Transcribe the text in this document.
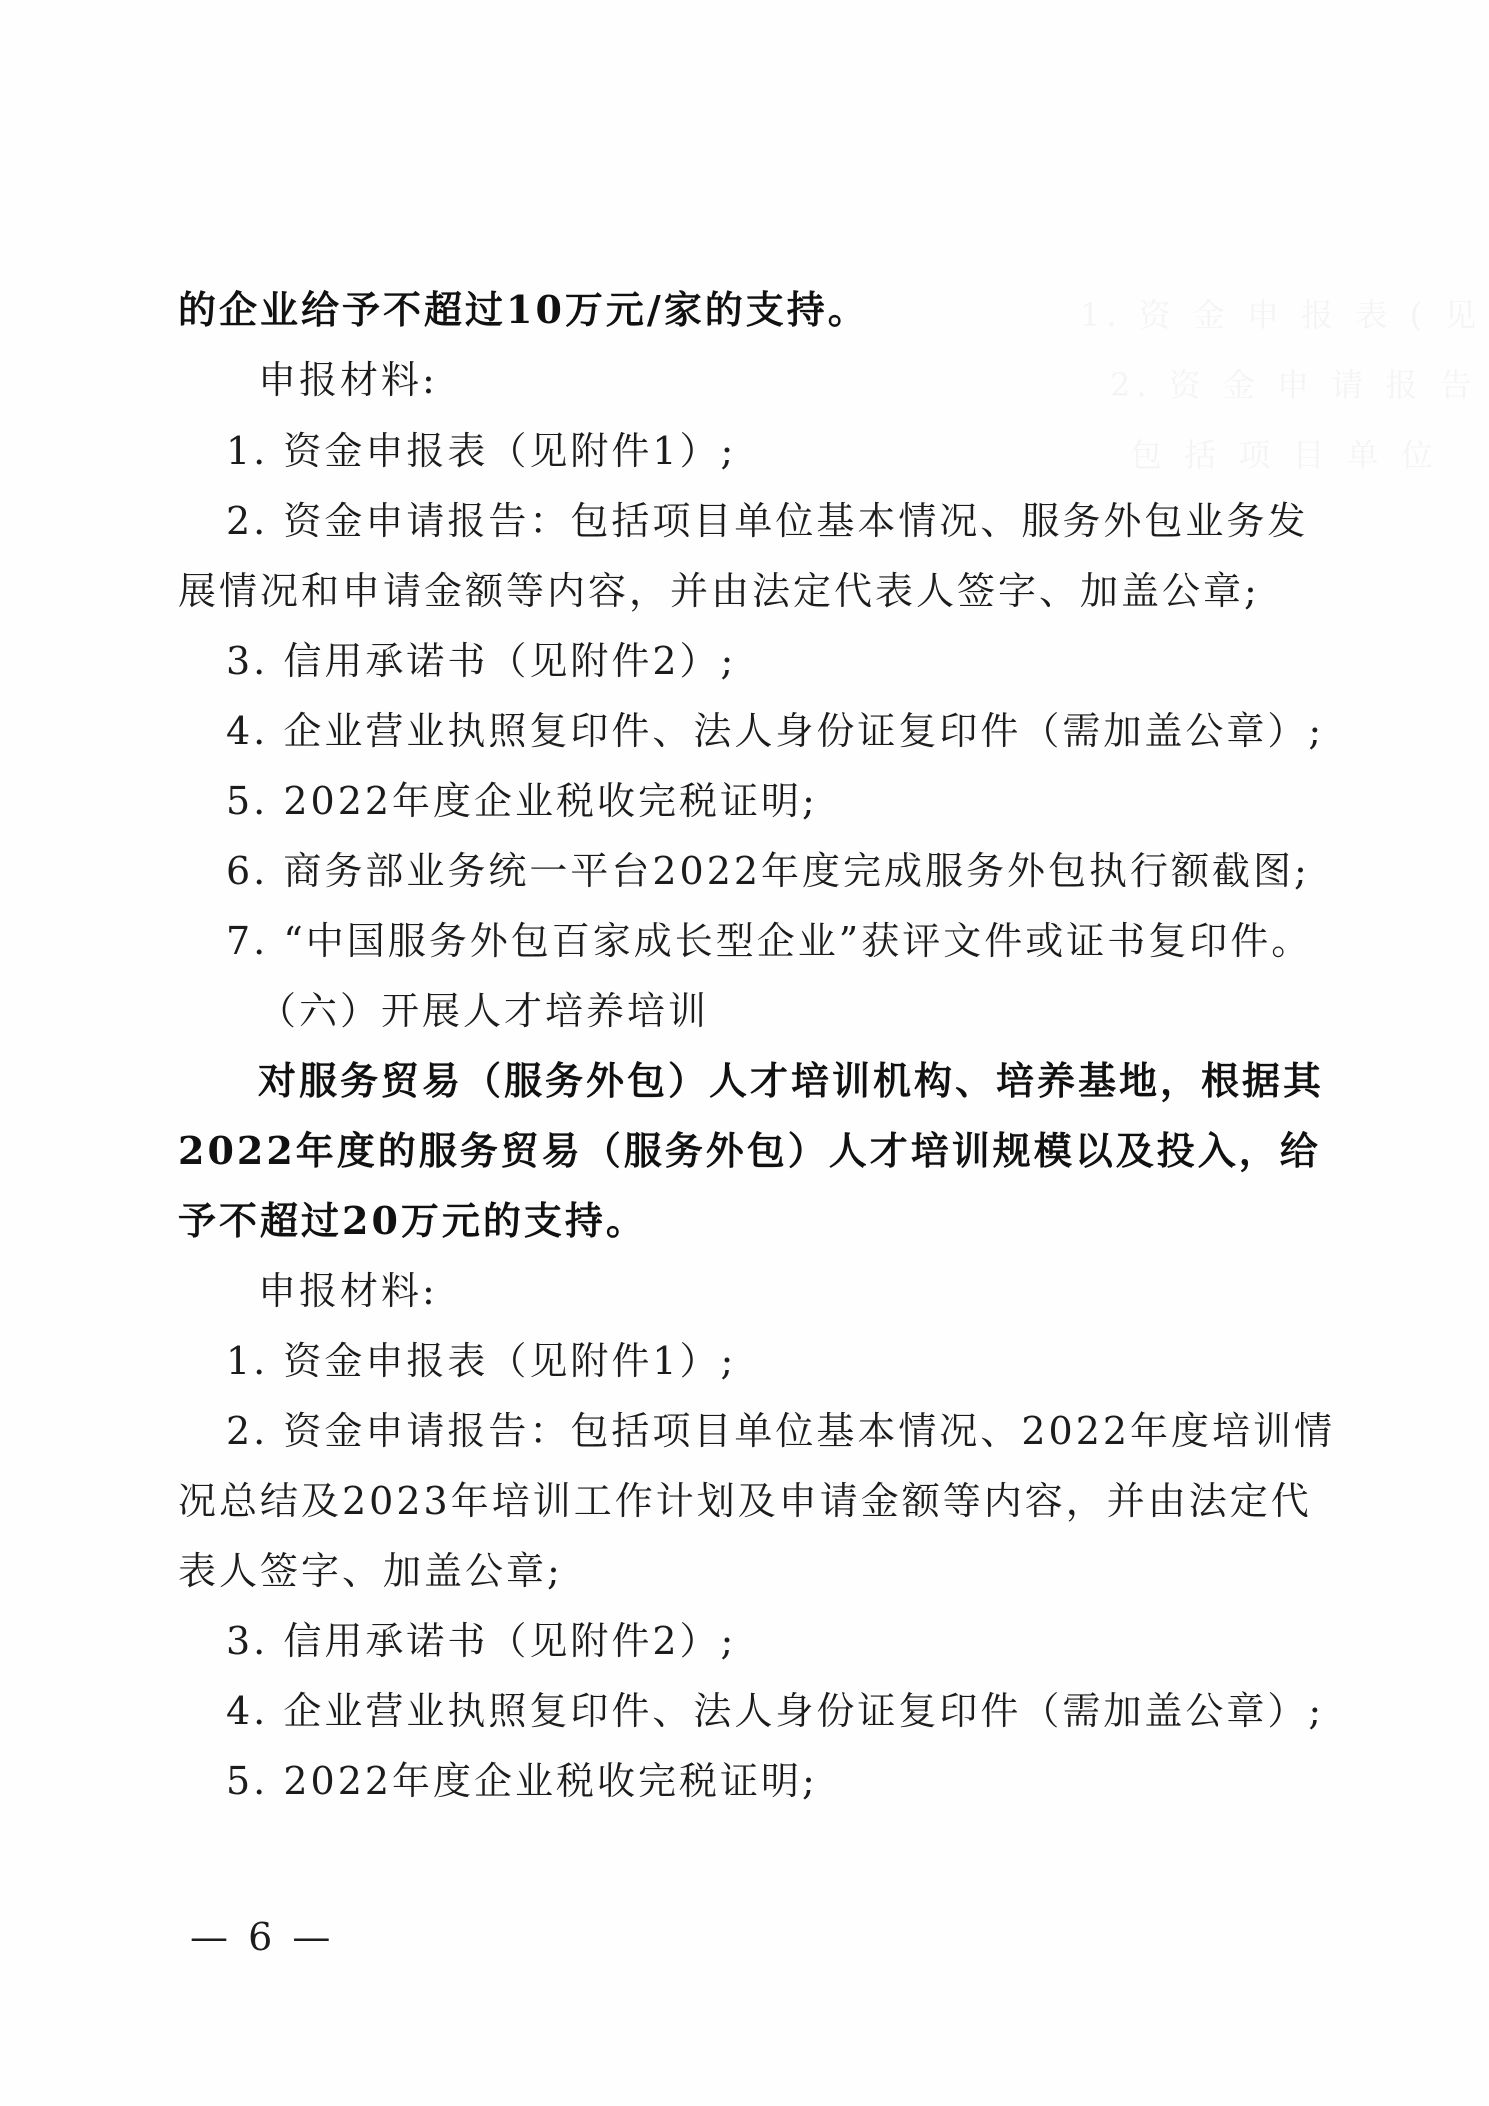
1. 资 金 申 报 表 ( 见
2. 资 金 申 请 报 告
包 括 项 目 单 位
的企业给予不超过10万元/家的支持。
申报材料:
1. 资金申报表（见附件1）;
2. 资金申请报告：包括项目单位基本情况、服务外包业务发
展情况和申请金额等内容，并由法定代表人签字、加盖公章;
3. 信用承诺书（见附件2）;
4. 企业营业执照复印件、法人身份证复印件（需加盖公章）;
5. 2022年度企业税收完税证明;
6. 商务部业务统一平台2022年度完成服务外包执行额截图;
7. “中国服务外包百家成长型企业”获评文件或证书复印件。
（六）开展人才培养培训
对服务贸易（服务外包）人才培训机构、培养基地，根据其
2022年度的服务贸易（服务外包）人才培训规模以及投入，给
予不超过20万元的支持。
申报材料:
1. 资金申报表（见附件1）;
2. 资金申请报告：包括项目单位基本情况、2022年度培训情
况总结及2023年培训工作计划及申请金额等内容，并由法定代
表人签字、加盖公章;
3. 信用承诺书（见附件2）;
4. 企业营业执照复印件、法人身份证复印件（需加盖公章）;
5. 2022年度企业税收完税证明;
— 6 —
